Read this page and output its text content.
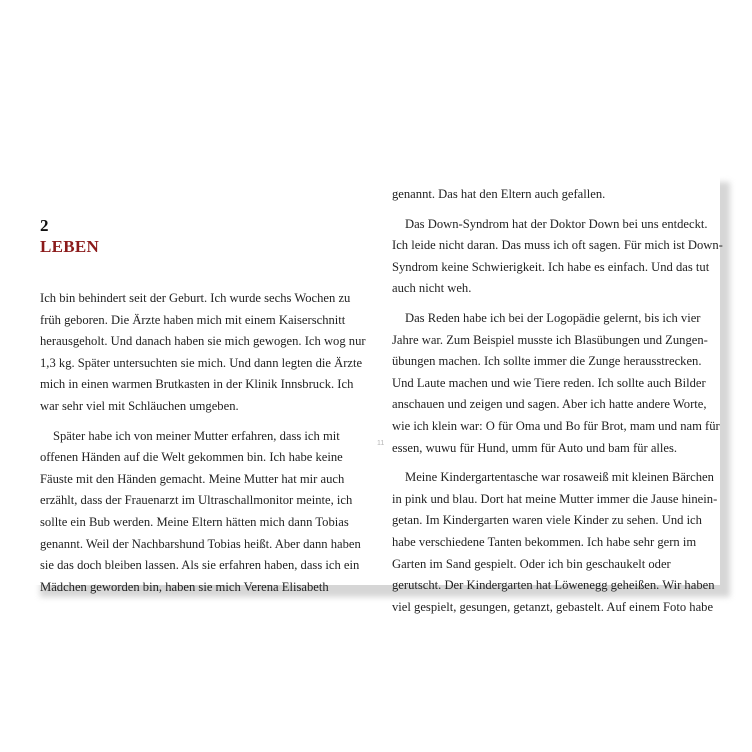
2
LEBEN

Ich bin behindert seit der Geburt. Ich wurde sechs Wochen zu
früh geboren. Die Ärzte haben mich mit einem Kaiserschnitt
herausgeholt. Und danach haben sie mich gewogen. Ich wog nur
1,3 kg. Später untersuchten sie mich. Und dann legten die Ärzte
mich in einen warmen Brutkasten in der Klinik Innsbruck. Ich
war sehr viel mit Schläuchen umgeben.

Später habe ich von meiner Mutter erfahren, dass ich mit
offenen Händen auf die Welt gekommen bin. Ich habe keine
Fäuste mit den Händen gemacht. Meine Mutter hat mir auch
erzählt, dass der Frauenarzt im Ultraschallmonitor meinte, ich
sollte ein Bub werden. Meine Eltern hätten mich dann Tobias
genannt. Weil der Nachbarshund Tobias heißt. Aber dann haben
sie das doch bleiben lassen. Als sie erfahren haben, dass ich ein
Mädchen geworden bin, haben sie mich Verena Elisabeth

11

genannt. Das hat den Eltern auch gefallen.

Das Down-Syndrom hat der Doktor Down bei uns entdeckt.
Ich leide nicht daran. Das muss ich oft sagen. Für mich ist Down-
Syndrom keine Schwierigkeit. Ich habe es einfach. Und das tut
auch nicht weh.

Das Reden habe ich bei der Logopädie gelernt, bis ich vier
Jahre war. Zum Beispiel musste ich Blasübungen und Zungen-
übungen machen. Ich sollte immer die Zunge herausstrecken.
Und Laute machen und wie Tiere reden. Ich sollte auch Bilder
anschauen und zeigen und sagen. Aber ich hatte andere Worte,
wie ich klein war: O für Oma und Bo für Brot, mam und nam für
essen, wuwu für Hund, umm für Auto und bam für alles.

Meine Kindergartentasche war rosaweiß mit kleinen Bärchen
in pink und blau. Dort hat meine Mutter immer die Jause hinein-
getan. Im Kindergarten waren viele Kinder zu sehen. Und ich
habe verschiedene Tanten bekommen. Ich habe sehr gern im
Garten im Sand gespielt. Oder ich bin geschaukelt oder
gerutscht. Der Kindergarten hat Löwenegg geheißen. Wir haben
viel gespielt, gesungen, getanzt, gebastelt. Auf einem Foto habe
